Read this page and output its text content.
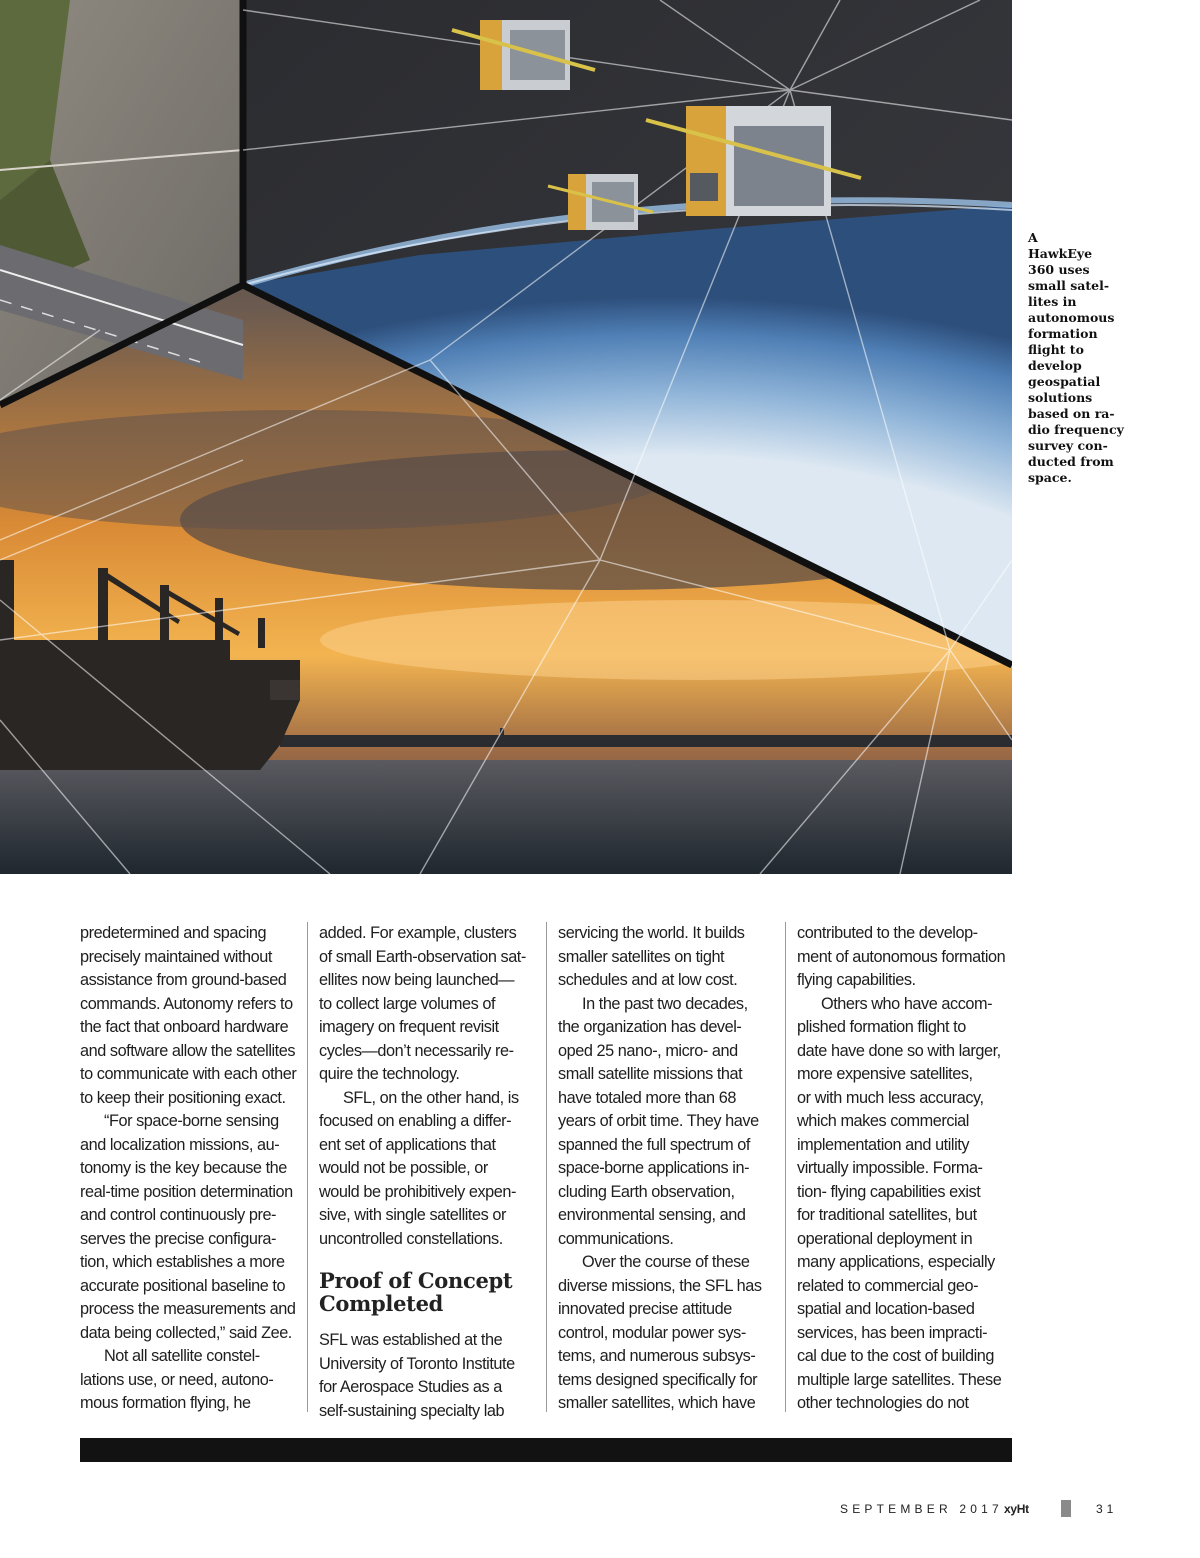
A
HawkEye
360 uses
small satel-
lites in
autonomous
formation
flight to
develop
geospatial
solutions
based on ra-
dio frequency
survey con-
ducted from
space.

predetermined and spacing
precisely maintained without
assistance from ground-based
commands. Autonomy refers to
the fact that onboard hardware
and software allow the satellites
to communicate with each other
to keep their positioning exact.

“For space-borne sensing
and localization missions, au-
tonomy is the key because the
real-time position determination
and control continuously pre-
serves the precise configura-
tion, which establishes a more
accurate positional baseline to
process the measurements and
data being collected,” said Zee.

Not all satellite constel-
lations use, or need, autono-
mous formation flying, he

added. For example, clusters
of small Earth-observation sat-
ellites now being launched—
to collect large volumes of
imagery on frequent revisit
cycles—don’t necessarily re-
quire the technology.

SFL, on the other hand, is
focused on enabling a differ-
ent set of applications that
would not be possible, or
would be prohibitively expen-
sive, with single satellites or
uncontrolled constellations.

Proof of Concept
Completed

SFL was established at the
University of Toronto Institute
for Aerospace Studies as a
self-sustaining specialty lab

servicing the world. It builds
smaller satellites on tight
schedules and at low cost.

In the past two decades,
the organization has devel-
oped 25 nano-, micro- and
small satellite missions that
have totaled more than 68
years of orbit time. They have
spanned the full spectrum of
space-borne applications in-
cluding Earth observation,
environmental sensing, and
communications.

Over the course of these
diverse missions, the SFL has
innovated precise attitude
control, modular power sys-
tems, and numerous subsys-
tems designed specifically for
smaller satellites, which have

contributed to the develop-
ment of autonomous formation
flying capabilities.

Others who have accom-
plished formation flight to
date have done so with larger,
more expensive satellites,
or with much less accuracy,
which makes commercial
implementation and utility
virtually impossible. Forma-
tion- flying capabilities exist
for traditional satellites, but
operational deployment in
many applications, especially
related to commercial geo-
spatial and location-based
services, has been impracti-
cal due to the cost of building
multiple large satellites. These
other technologies do not

SEPTEMBER 2017 xyHt	31
